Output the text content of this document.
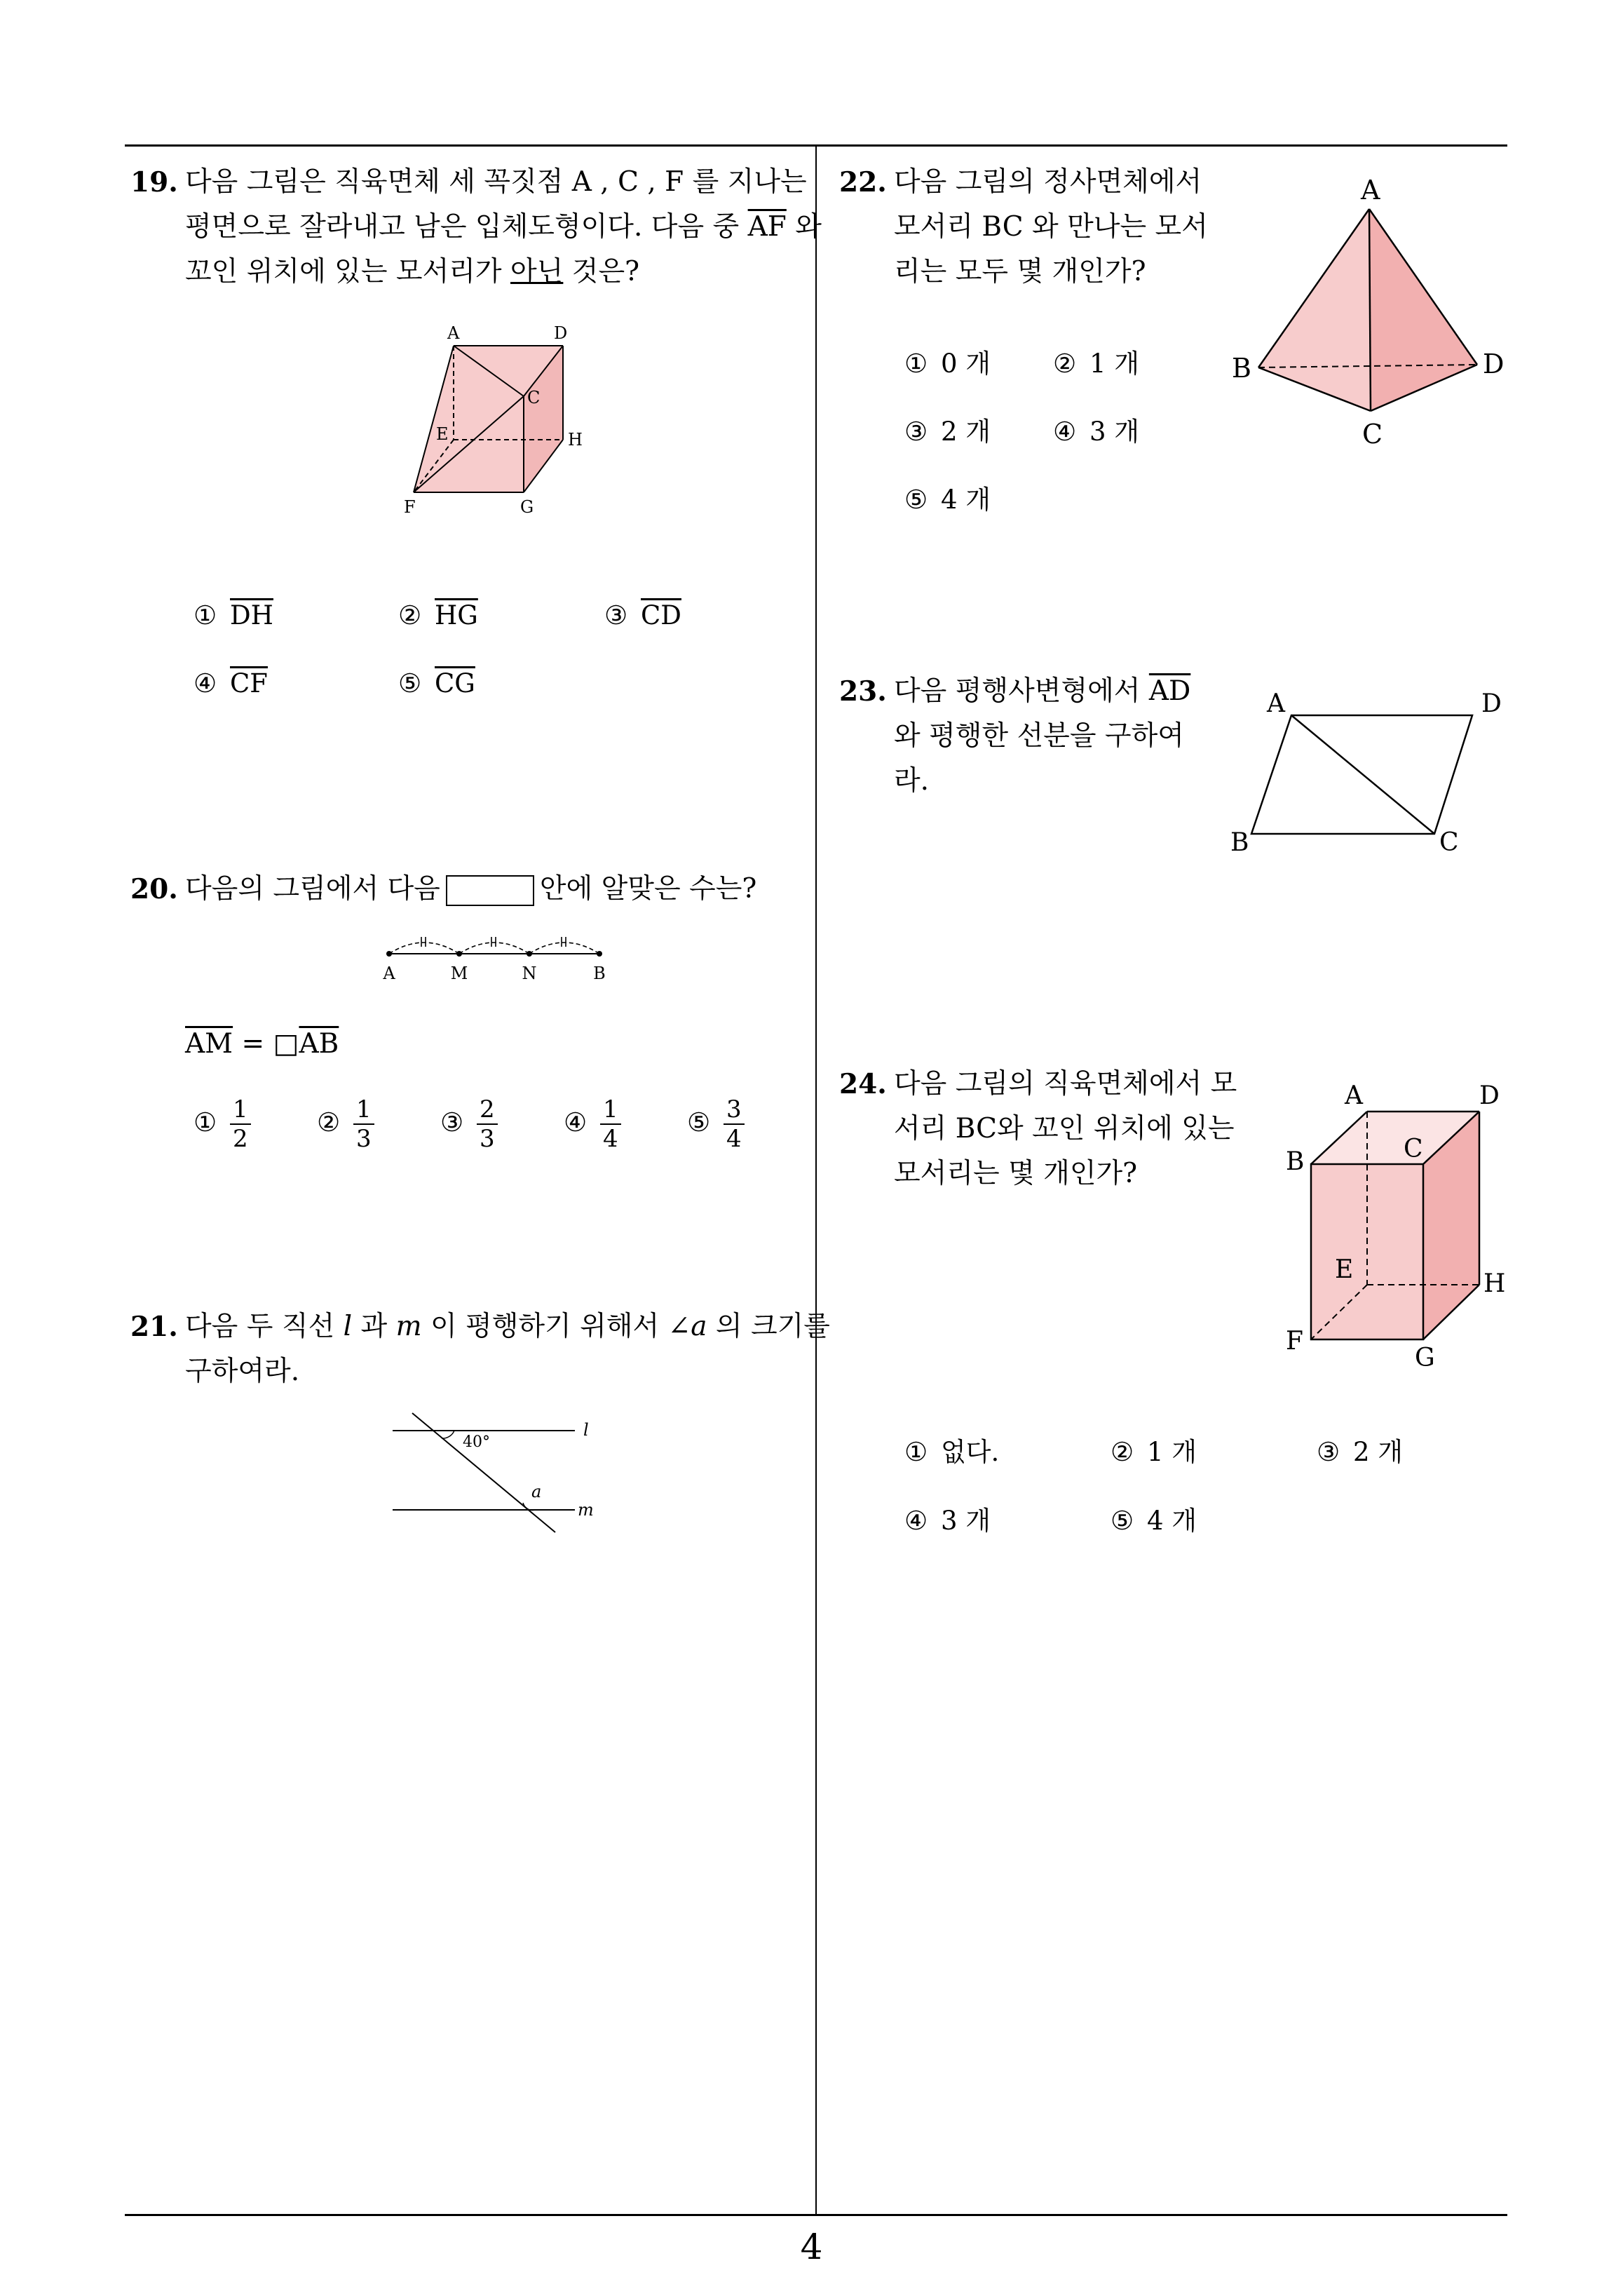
19. 다음 그림은 직육면체 세 꼭짓점 A , C , F 를 지나는
평면으로 잘라내고 남은 입체도형이다. 다음 중 $\overline{AF}$ 와
꼬인 위치에 있는 모서리가 아닌 것은?
A	D
C
E	H
F	G
① $\overline{DH}$	② $\overline{HG}$	③ $\overline{CD}$
④ $\overline{CF}$	⑤ $\overline{CG}$
20. 다음의 그림에서 다음	안에 알맞은 수는?
A	M	N	B
$\overline{AM}$ = $□\overline{AB}$
① $\frac{1}{2}$	② $\frac{1}{3}$	③ $\frac{2}{3}$	④ $\frac{1}{4}$	⑤ $\frac{3}{4}$
21. 다음 두 직선 l 과 m 이 평행하기 위해서 ∠a 의 크기를
구하여라.
40°
a
l
m
22. 다음 그림의 정사면체에서
모서리 BC 와 만나는 모서
리는 모두 몇 개인가?
A
B	D
C
① 0 개 ② 1 개
③ 2 개 ④ 3 개
⑤ 4 개
23. 다음 평행사변형에서 $\overline{AD}$
와 평행한 선분을 구하여
라.
A	D
B	C
24. 다음 그림의 직육면체에서 모
서리 BC와 꼬인 위치에 있는
모서리는 몇 개인가?
A	D
B	C
E	H
F
G
① 없다.	② 1 개	③ 2 개
④ 3 개	⑤ 4 개
4
